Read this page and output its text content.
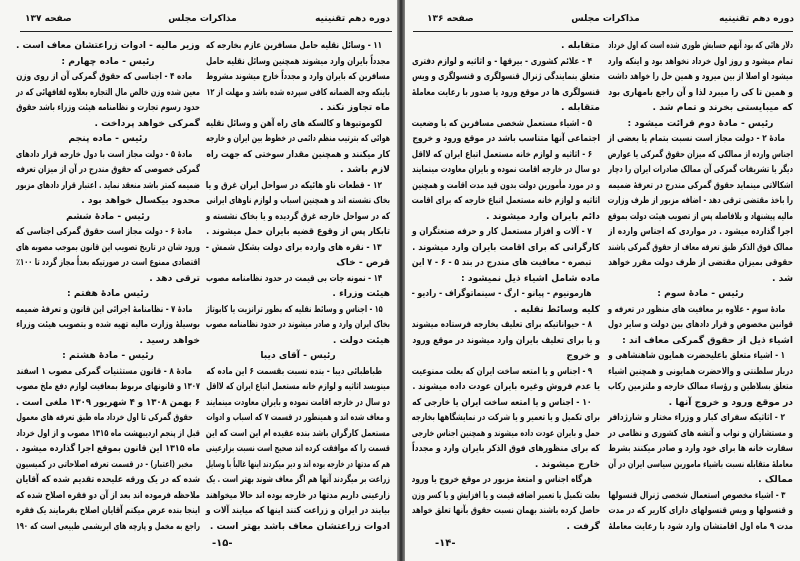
دوره دهم تقنینیه
مذاکرات مجلس
صفحه ۱۳۷
۱۱ - وسائل نقلیه حامل مسافرین عازم بخارجه که
مجدداً بایران وارد میشوند همچنین وسائل نقلیه حامل
مسافرین که بایران وارد و مجدداً خارج میشوند مشروط
باینکه وجه الضمانه کافی سپرده شده باشد و مهلت از ۱۲
ماه تجاوز نکند .
لکوموتیوها و کالسکه های راه آهن و وسائل نقلیه
هوائی که بترتیب منظم دائمی در خطوط بین ایران و خارجه
کار میکنند و همچنین مقدار سوختی که جهت راه
لازم باشد .
۱۲ - قطعات ناو هائیکه در سواحل ایران غرق و یا
بخاک نشسته اند و همچنین اسباب و لوازم ناوهای ایرانی
که در سواحل خارجه غرق گردیده و یا بخاک نشسته و
تابکار پس از وقوع قضیه بایران حمل میشوند .
۱۳ - نقره های وارده برای دولت بشکل شمش -
قرص - خاک
۱۴ - نمونه جات بی قیمت در حدود نظامنامه مصوب
هیئت وزراء .
۱۵ - اجناس و وسائط نقلیه که بطور ترانزیت یا کابوتاژ
بخاک ایران وارد و صادر میشوند در حدود نظامنامه مصوب
هیئت دولت .
رئیس - آقای دیبا
طباطبائی دیبا - بنده نسبت بقسمت ۶ این ماده که
مینویسد اثاثیه و لوازم خانه مستعمل اتباع ایران که لااقل
دو سال در خارجه اقامت نموده و بایران معاودت مینمایند
و معاف شده اند و همینطور در قسمت ۷ که اسباب و ادوات
مستعمل کارگران باشد بنده عقیده ام این است که این
قسمت را که موافقت کرده اند صحیح است نسبت بزارعینی
هم که مدتها در خارجه بوده اند و دیر میکردند اینها غالباً با وسایل
زراعت بر میگردند آنها هم اگر معاف شوند بهتر است . یک
زارعینی داریم مدتها در خارجه بوده اند حالا میخواهند
بیایند در ایران و زراعت کنند اینها که میایند آلات و
ادوات زراعتشان معاف باشد بهتر است .
وزیر مالیه - ادوات زراعتشان معاف است .
رئیس - ماده چهارم :
ماده ۴ - اجناسی که حقوق گمرکی آن از روی وزن
معین شده وزن خالص مال التجاره بعلاوه لفافهائی که در
حدود رسوم تجارت و نظامنامه هیئت وزراء باشد حقوق
گمرکی خواهد پرداخت .
رئیس - ماده پنجم
مادهٔ ۵ - دولت مجاز است با دول خارجه قرار دادهای
گمرکی خصوصی که حقوق مندرج در آن از میزان تعرفه
ضمیمه کمتر باشد منعقد نماید . اعتبار قرار دادهای مزبور
محدود بیکسال خواهد بود .
رئیس - مادهٔ ششم
مادهٔ ۶ - دولت مجاز است حقوق گمرکی اجناسی که
ورود شان در تاریخ تصویب این قانون بموجب مصوبه های
اقتصادی ممنوع است در صورتیکه بعداً مجاز گردد تا ۱۰۰٪
ترقی دهد .
رئیس مادهٔ هفتم :
مادهٔ ۷ - نظامنامهٔ اجرائی این قانون و تعرفهٔ ضمیمه
بوسیلهٔ وزارت مالیه تهیه شده و بتصویب هیئت وزراء
خواهد رسید .
رئیس - مادهٔ هشتم :
مادهٔ ۸ - قانون مستثنیات گمرکی مصوب ۱ اسفند
۱۳۰۷ و قانونهای مربوط بمعافیت لوازم دفع ملخ مصوب
۶ بهمن ۱۳۰۸ و ۴ شهریور ۱۳۰۹ ملغی است .
حقوق گمرکی تا اول خرداد ماه طبق تعرفه های معمول
قبل از پنجم اردیبهشت ماه ۱۳۱۵ مصوب و از اول خرداد
ماه ۱۳۱۵ این قانون بموقع اجرا گذارده میشود .
مخبر (اعتبار) - در قسمت تعرفه اصلاحاتی در کمیسیون
شده که در یک ورقه علیحده تقدیم شده که آقایان
ملاحظه فرموده اند بعد از آن دو فقره اصلاح شده که
اینجا بنده عرض میکنم آقایان اصلاح بفرمایند یک فقره
راجع به مخمل و پارچه های ابریشمی طبیعی است که ۱۹۰
-۱۵-
دوره دهم تقنینیه
مذاکرات مجلس
صفحه ۱۳۶
دلار هائی که بود آنهم حسابش طوری شده است که اول خرداد
تمام میشود و روز اول خرداد نخواهد بود و اینکه وارد
میشود او اصلا از بین میرود و همین حل را خواهد داشت
و همین تا کی را میبرد لذا و آن راجع بامهاری بود
که میبایستی بخرند و تمام شد .
رئیس - مادهٔ دوم قرائت میشود :
مادهٔ ۲ - دولت مجاز است نسبت بتمام یا بعضی از
اجناس وارده از ممالکی که میزان حقوق گمرکی یا عوارض
دیگر یا تشریفات گمرکی آن ممالک صادرات ایران را دچار
اشکالاتی مینماید حقوق گمرکی مندرج در تعرفهٔ ضمیمه
را باخذ مقتضی ترقی دهد - اضافه مزبور از طرف وزارت
مالیه پیشنهاد و بلافاصله پس از تصویب هیئت دولت بموقع
اجرا گذارده میشود . در مواردی که اجناس وارده از
ممالک فوق الذکر طبق تعرفه معاف از حقوق گمرکی باشند
حقوقی بمیزان مقتضی از طرف دولت مقرر خواهد
شد .
رئیس - مادهٔ سوم :
مادهٔ سوم - علاوه بر معافیت های منظور در تعرفه و
قوانین مخصوص و قرار دادهای بین دولت و سایر دول
اشیاء ذیل از حقوق گمرکی معاف اند :
۱ - اشیاء متعلق باعلیحضرت همایون شاهنشاهی و
دربار سلطنتی و والاحضرت همایونی و همچنین اشیاء
متعلق بسلاطین و رؤساء ممالک خارجه و ملتزمین رکاب
در موقع ورود و خروج آنها .
۲ - اثاثیکه سفرای کبار و وزراء مختار و شارژدافر
و مستشاران و نواب و آتشه های کشوری و نظامی در
سفارت خانه ها برای خود وارد و صادر میکنند بشرط
معاملهٔ متقابله نسبت باشیاء مامورین سیاسی ایران در آن
ممالک .
۳ - اشیاء مخصوص استعمال شخصی ژنرال قنسولها
و قنسولها و ویس قنسولهای دارای کاریر که در مدت
مدت ۹ ماه اول اقامتشان وارد شود با رعایت معاملهٔ
متقابله .
۴ - علائم کشوری - بیرقها - و اثاثیه و لوازم دفتری
متعلق بنمایندگی ژنرال قنسولگری و قنسولگری و ویس
قنسولگری ها در موقع ورود یا صدور با رعایت معاملهٔ
متقابله .
۵ - اشیاء مستعمل شخصی مسافرین که با وضعیت
اجتماعی آنها متناسب باشد در موقع ورود و خروج
۶ - اثاثیه و لوازم خانه مستعمل اتباع ایران که لااقل
دو سال در خارجه اقامت نموده و بایران معاودت مینمایند
و در مورد مأمورین دولت بدون قید مدت اقامت و همچنین
اثاثیه و لوازم خانه مستعمل اتباع خارجه که برای اقامت
دائم بایران وارد میشوند .
۷ - آلات و افزار مستعمل کار و حرفه صنعتگران و
کارگرانی که برای اقامت بایران وارد میشوند .
تبصره - معافیت های مندرج در بند ۵ - ۶ - ۷ این
ماده شامل اشیاء ذیل نمیشود :
هارمونیوم - پیانو - ارگ - سینماتوگراف - رادیو -
کلیه وسائط نقلیه .
۸ - حیواناتیکه برای تعلیف بخارجه فرستاده میشوند
و یا برای تعلیف بایران وارد میشوند در موقع ورود
و خروج
۹ - اجناس و یا امتعه ساخت ایران که بعلت ممنوعیت
یا عدم فروش وغیره بایران عودت داده میشوند .
۱۰ - اجناس و یا امتعه ساخت ایران یا خارجی که
برای تکمیل و یا تعمیر و یا شرکت در نمایشگاهها بخارجه
حمل و بایران عودت داده میشوند و همچنین اجناس خارجی
که برای منظورهای فوق الذکر بایران وارد و مجدداً
خارج میشوند .
هرگاه اجناس و امتعهٔ مزبور در موقع خروج یا ورود
بعلت تکمیل یا تعمیر اضافه قیمت و یا افزایش و یا کسر وزن
حاصل کرده باشند بهمان نسبت حقوق بآنها تعلق خواهد
گرفت .
-۱۴-
